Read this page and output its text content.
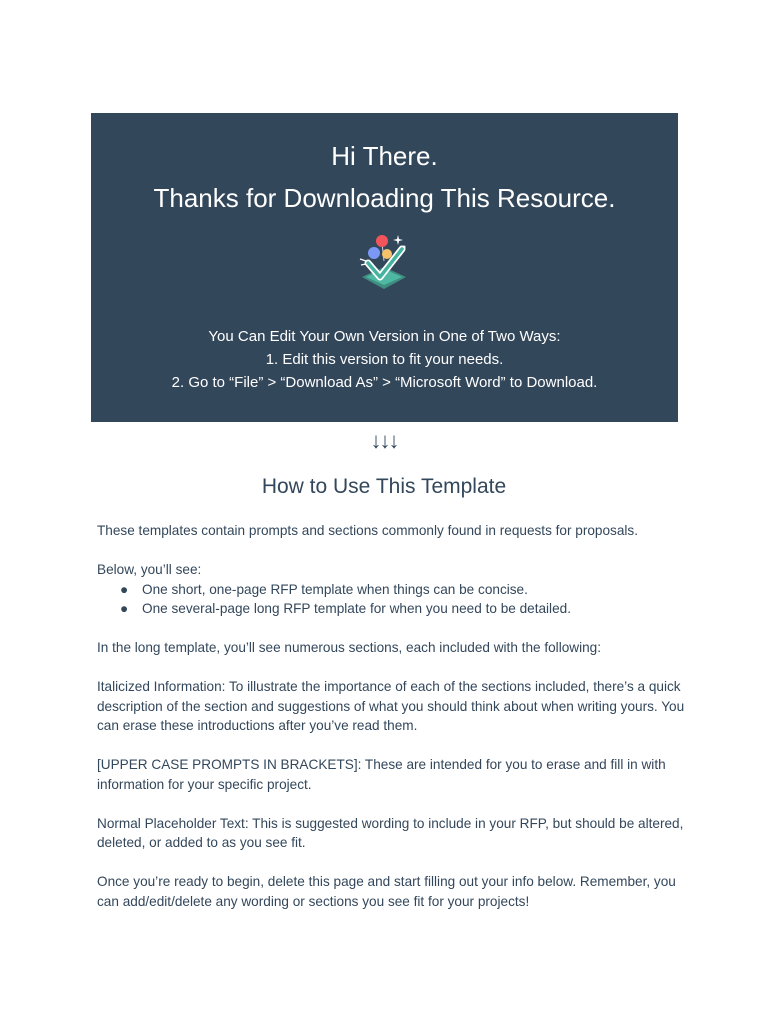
Hi There.
Thanks for Downloading This Resource.
You Can Edit Your Own Version in One of Two Ways:
1. Edit this version to fit your needs.
2. Go to “File” > “Download As” > “Microsoft Word” to Download.
↓↓↓
How to Use This Template

These templates contain prompts and sections commonly found in requests for proposals.

Below, you’ll see:
● One short, one-page RFP template when things can be concise.
● One several-page long RFP template for when you need to be detailed.

In the long template, you’ll see numerous sections, each included with the following:

Italicized Information: To illustrate the importance of each of the sections included, there’s a quick description of the section and suggestions of what you should think about when writing yours. You can erase these introductions after you’ve read them.

[UPPER CASE PROMPTS IN BRACKETS]: These are intended for you to erase and fill in with information for your specific project.

Normal Placeholder Text: This is suggested wording to include in your RFP, but should be altered, deleted, or added to as you see fit.

Once you’re ready to begin, delete this page and start filling out your info below. Remember, you can add/edit/delete any wording or sections you see fit for your projects!
